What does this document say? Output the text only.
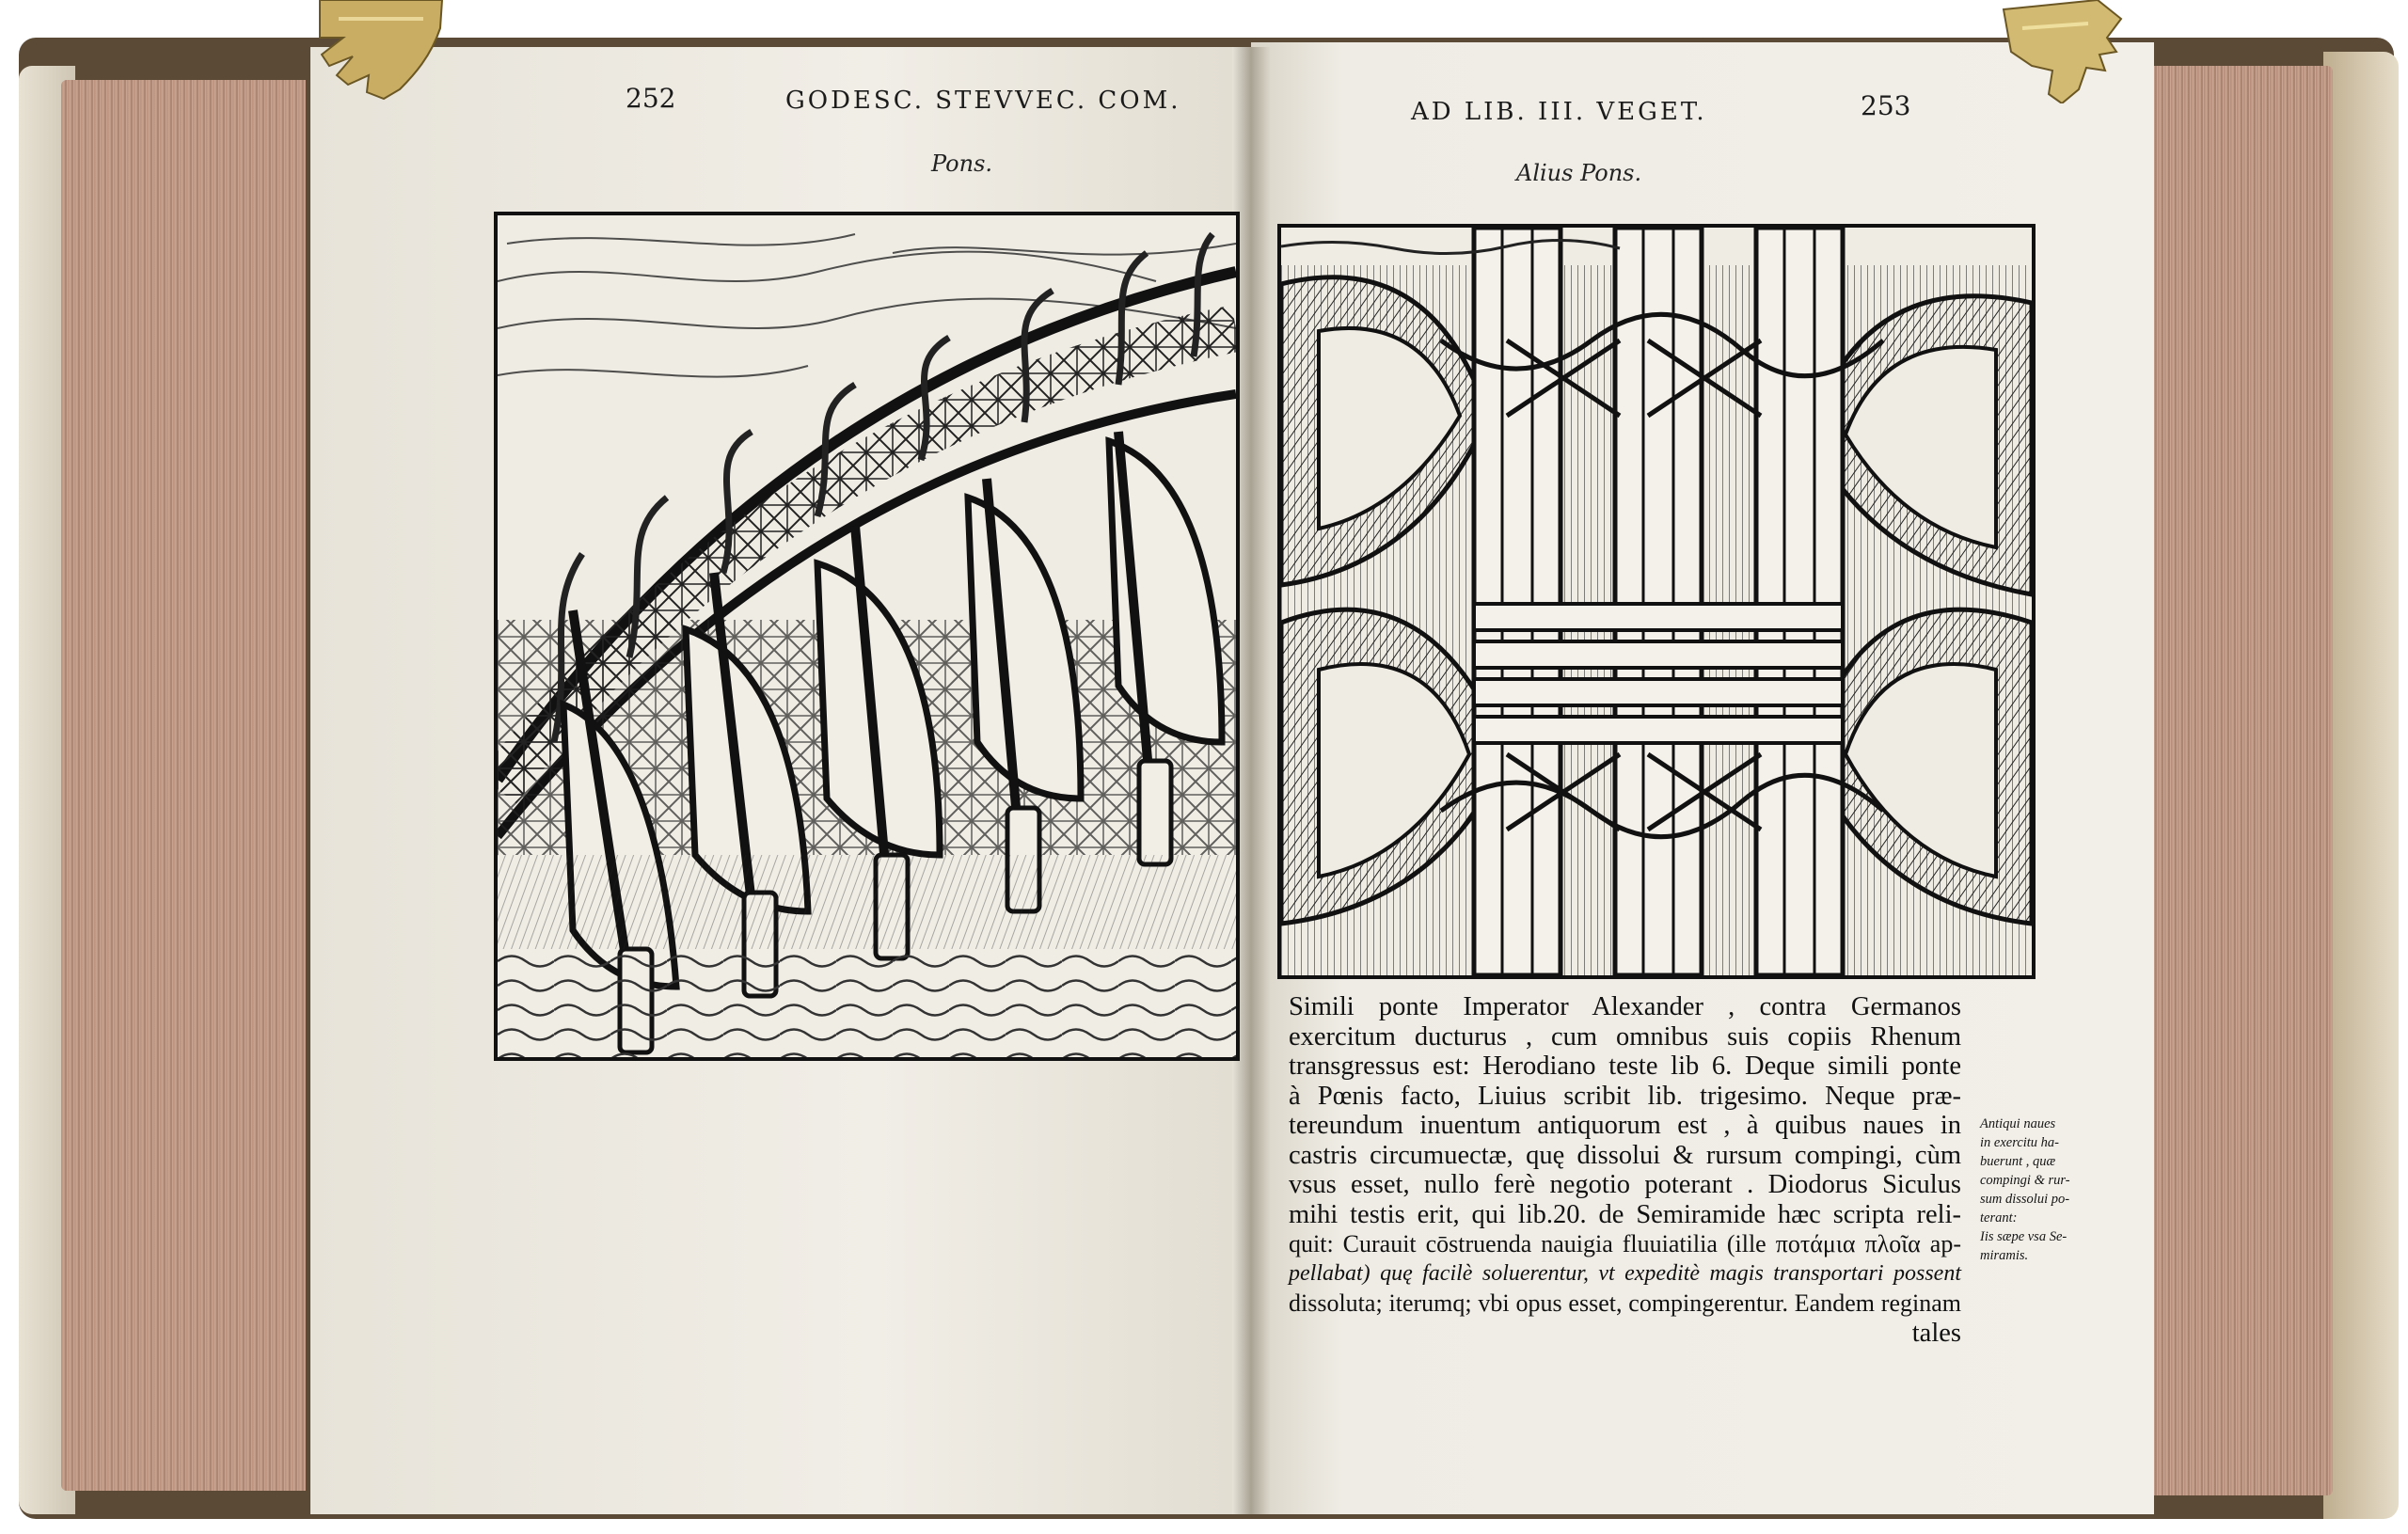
252	GODESC. STEVVEC. COM.
Pons.
AD LIB. III. VEGET.	253
Alius Pons.
Simili ponte Imperator Alexander , contra Germanos
exercitum ducturus , cum omnibus suis copiis Rhenum
transgressus est: Herodiano teste lib 6. Deque simili ponte
à Pœnis facto, Liuius scribit lib. trigesimo. Neque præ-
tereundum inuentum antiquorum est , à quibus naues in
castris circumuectæ, quę dissolui & rursum compingi, cùm
vsus esset, nullo ferè negotio poterant . Diodorus Siculus
mihi testis erit, qui lib.20. de Semiramide hæc scripta reli-
quit: Curauit cōstruenda nauigia fluuiatilia (ille ποτάμια πλοῖα ap-
pellabat) quę facilè soluerentur, vt expeditè magis transportari possent
dissoluta; iterumq; vbi opus esset, compingerentur. Eandem reginam
tales
Antiqui naues
in exercitu ha-
buerunt , quæ
compingi & rur-
sum dissolui po-
terant:
Iis sæpe vsa Se-
miramis.
